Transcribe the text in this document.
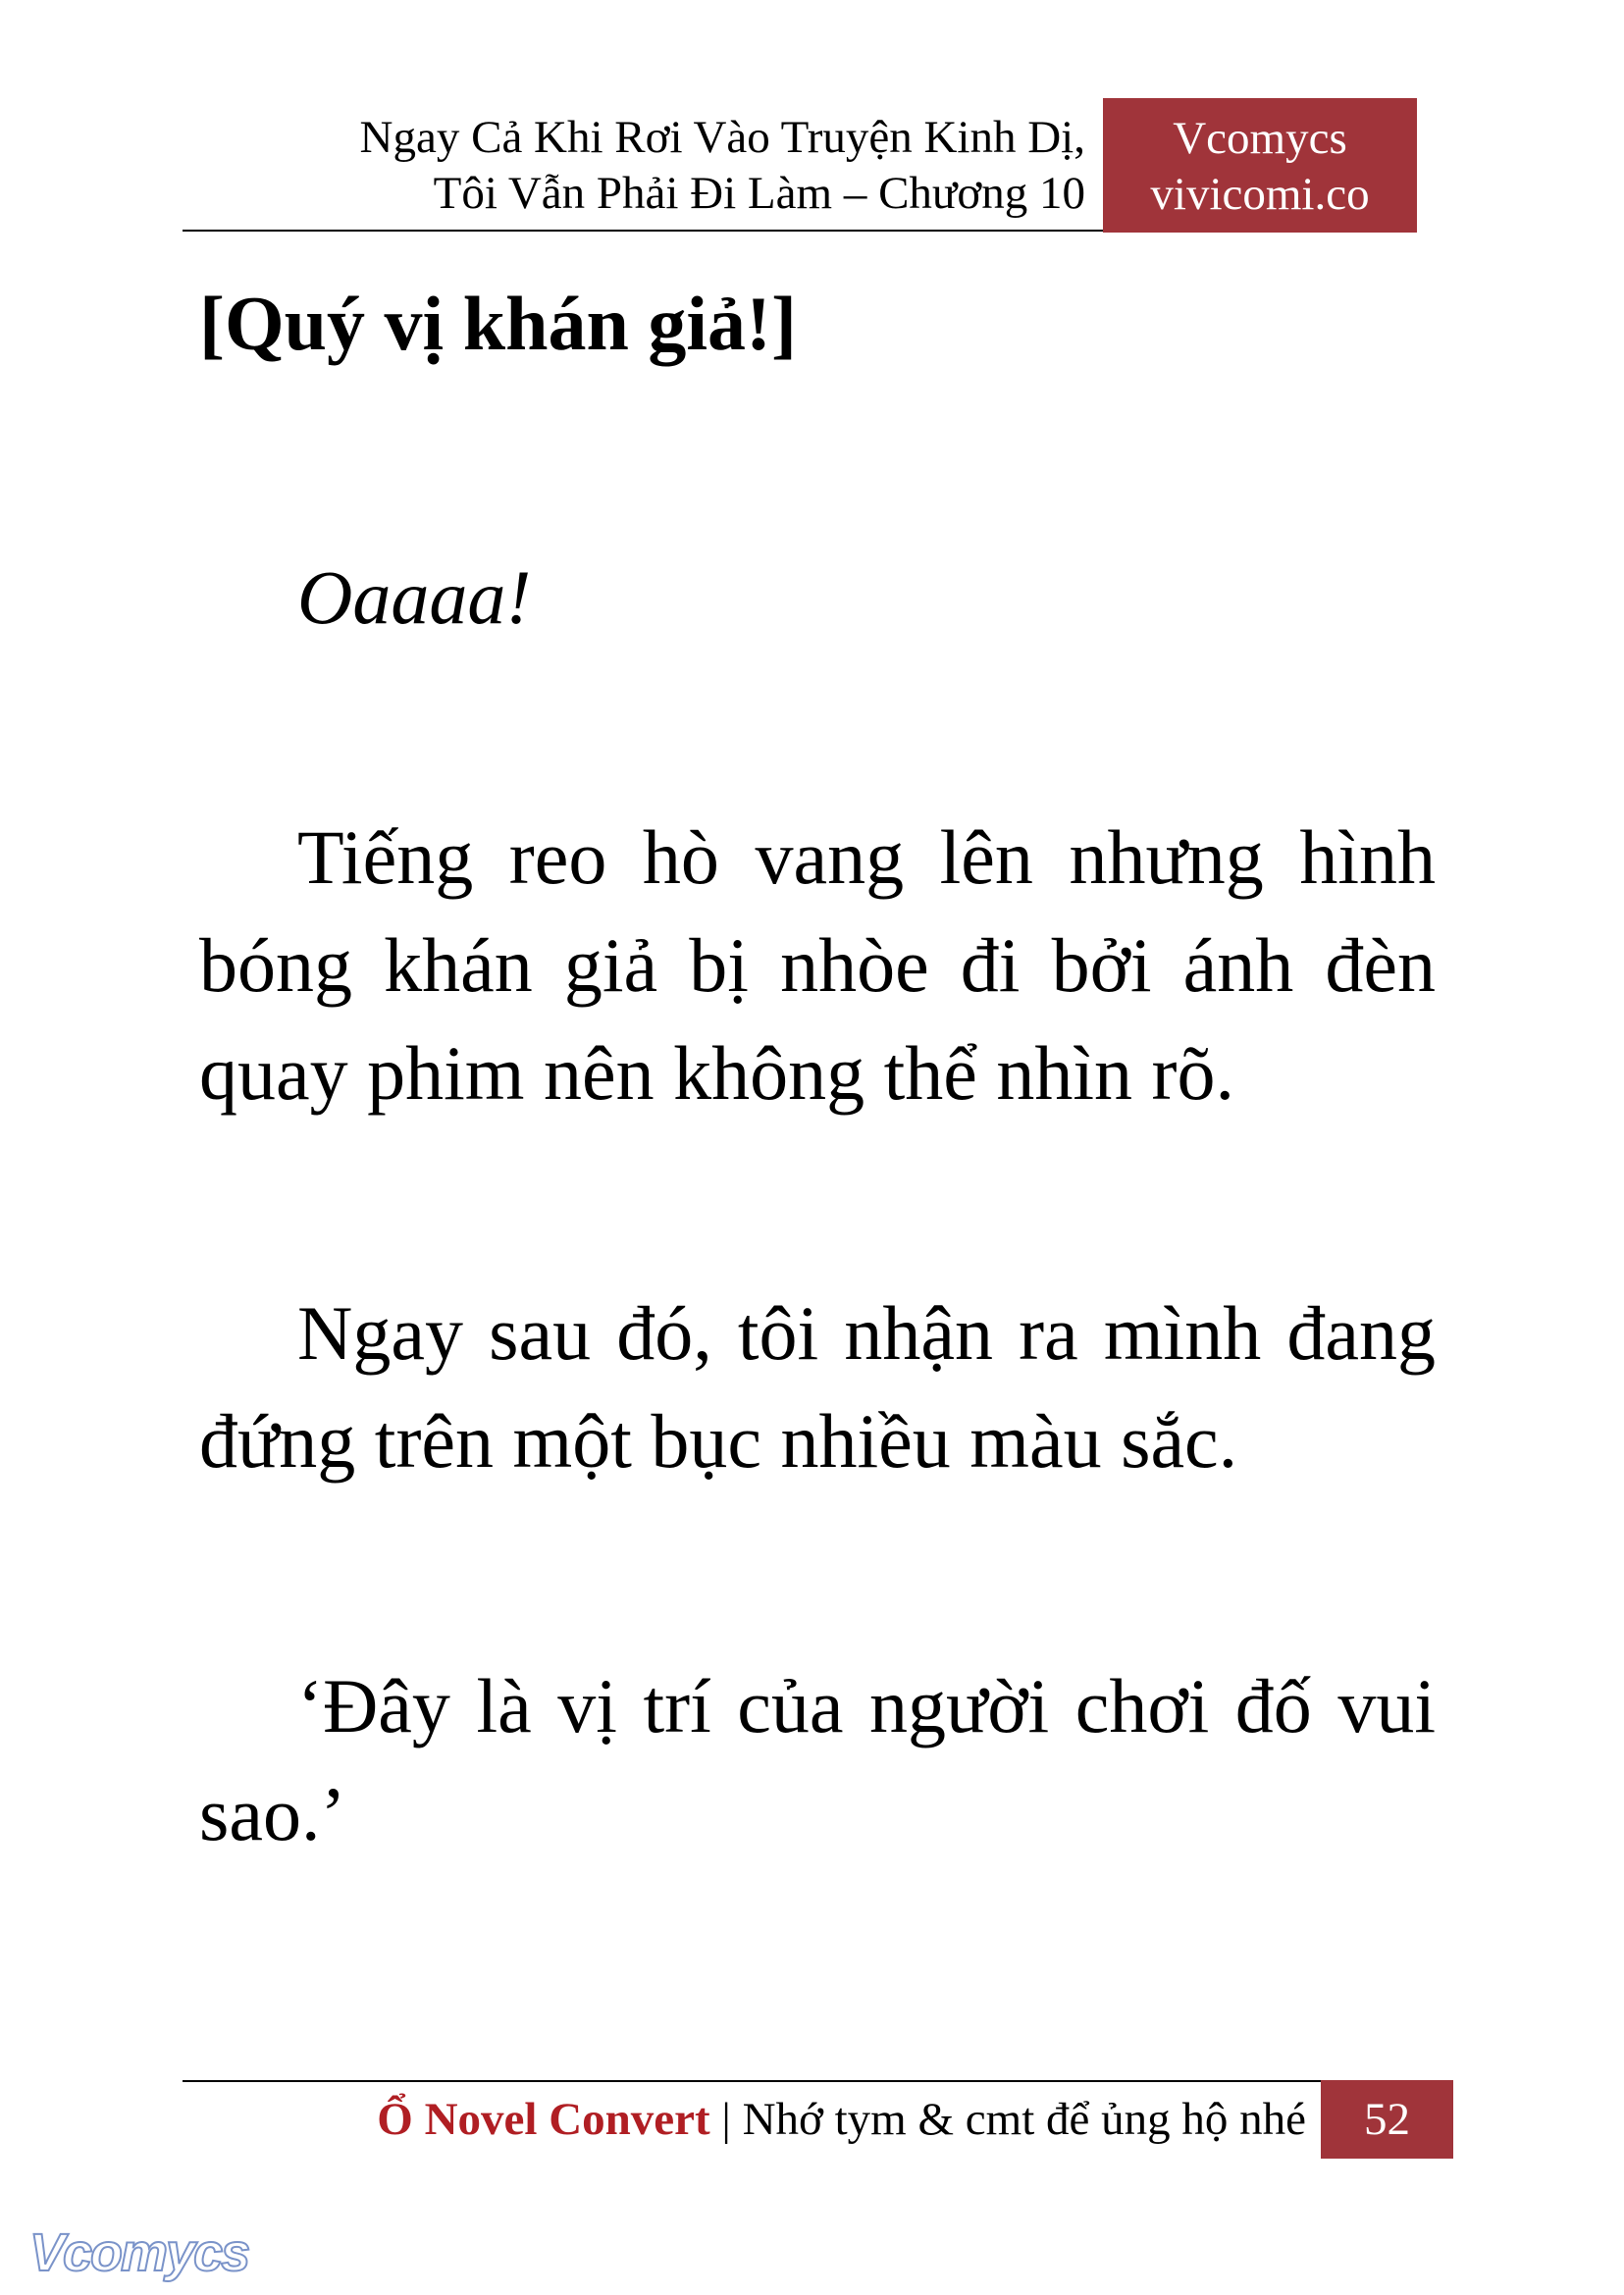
Ngay Cả Khi Rơi Vào Truyện Kinh Dị,
Tôi Vẫn Phải Đi Làm – Chương 10
Vcomycs
vivicomi.co

[Quý vị khán giả!]

Oaaaa!

Tiếng reo hò vang lên nhưng hình bóng khán giả bị nhòe đi bởi ánh đèn quay phim nên không thể nhìn rõ.

Ngay sau đó, tôi nhận ra mình đang đứng trên một bục nhiều màu sắc.

‘Đây là vị trí của người chơi đố vui sao.’

Ổ Novel Convert | Nhớ tym & cmt để ủng hộ nhé	52
Vcomycs
